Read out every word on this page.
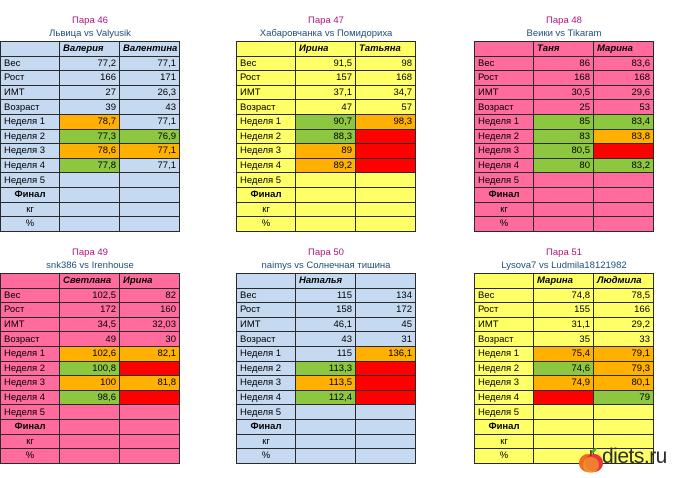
Пара 46
Львица vs Valyusik
	Валерия	Валентина
Вес	77,2	77,1
Рост	166	171
ИМТ	27	26,3
Возраст	39	43
Неделя 1	78,7	77,1
Неделя 2	77,3	76,9
Неделя 3	78,6	77,1
Неделя 4	77,8	77,1
Неделя 5		
Финал		
кг		
%		
Пара 47
Хабаровчанка vs Помидориха
	Ирина	Татьяна
Вес	91,5	98
Рост	157	168
ИМТ	37,1	34,7
Возраст	47	57
Неделя 1	90,7	98,3
Неделя 2	88,3	
Неделя 3	89	
Неделя 4	89,2	
Неделя 5		
Финал		
кг		
%		
Пара 48
Веики vs Tikaram
	Таня	Марина
Вес	86	83,6
Рост	168	168
ИМТ	30,5	29,6
Возраст	25	53
Неделя 1	85	83,4
Неделя 2	83	83,8
Неделя 3	80,5	
Неделя 4	80	83,2
Неделя 5		
Финал		
кг		
%		
Пара 49
snk386 vs Irenhouse
	Светлана	Ирина
Вес	102,5	82
Рост	172	160
ИМТ	34,5	32,03
Возраст	49	30
Неделя 1	102,6	82,1
Неделя 2	100,8	
Неделя 3	100	81,8
Неделя 4	98,6	
Неделя 5		
Финал		
кг		
%		
Пара 50
naimys vs Солнечная тишина
	Наталья	
Вес	115	134
Рост	158	172
ИМТ	46,1	45
Возраст	43	31
Неделя 1	115	136,1
Неделя 2	113,3	
Неделя 3	113,5	
Неделя 4	112,4	
Неделя 5		
Финал		
кг		
%		
Пара 51
Lysova7 vs Ludmila18121982
	Марина	Людмила
Вес	74,8	78,5
Рост	155	166
ИМТ	31,1	29,2
Возраст	35	33
Неделя 1	75,4	79,1
Неделя 2	74,6	79,3
Неделя 3	74,9	80,1
Неделя 4		79
Неделя 5		
Финал		
кг		
%			diets.ru
